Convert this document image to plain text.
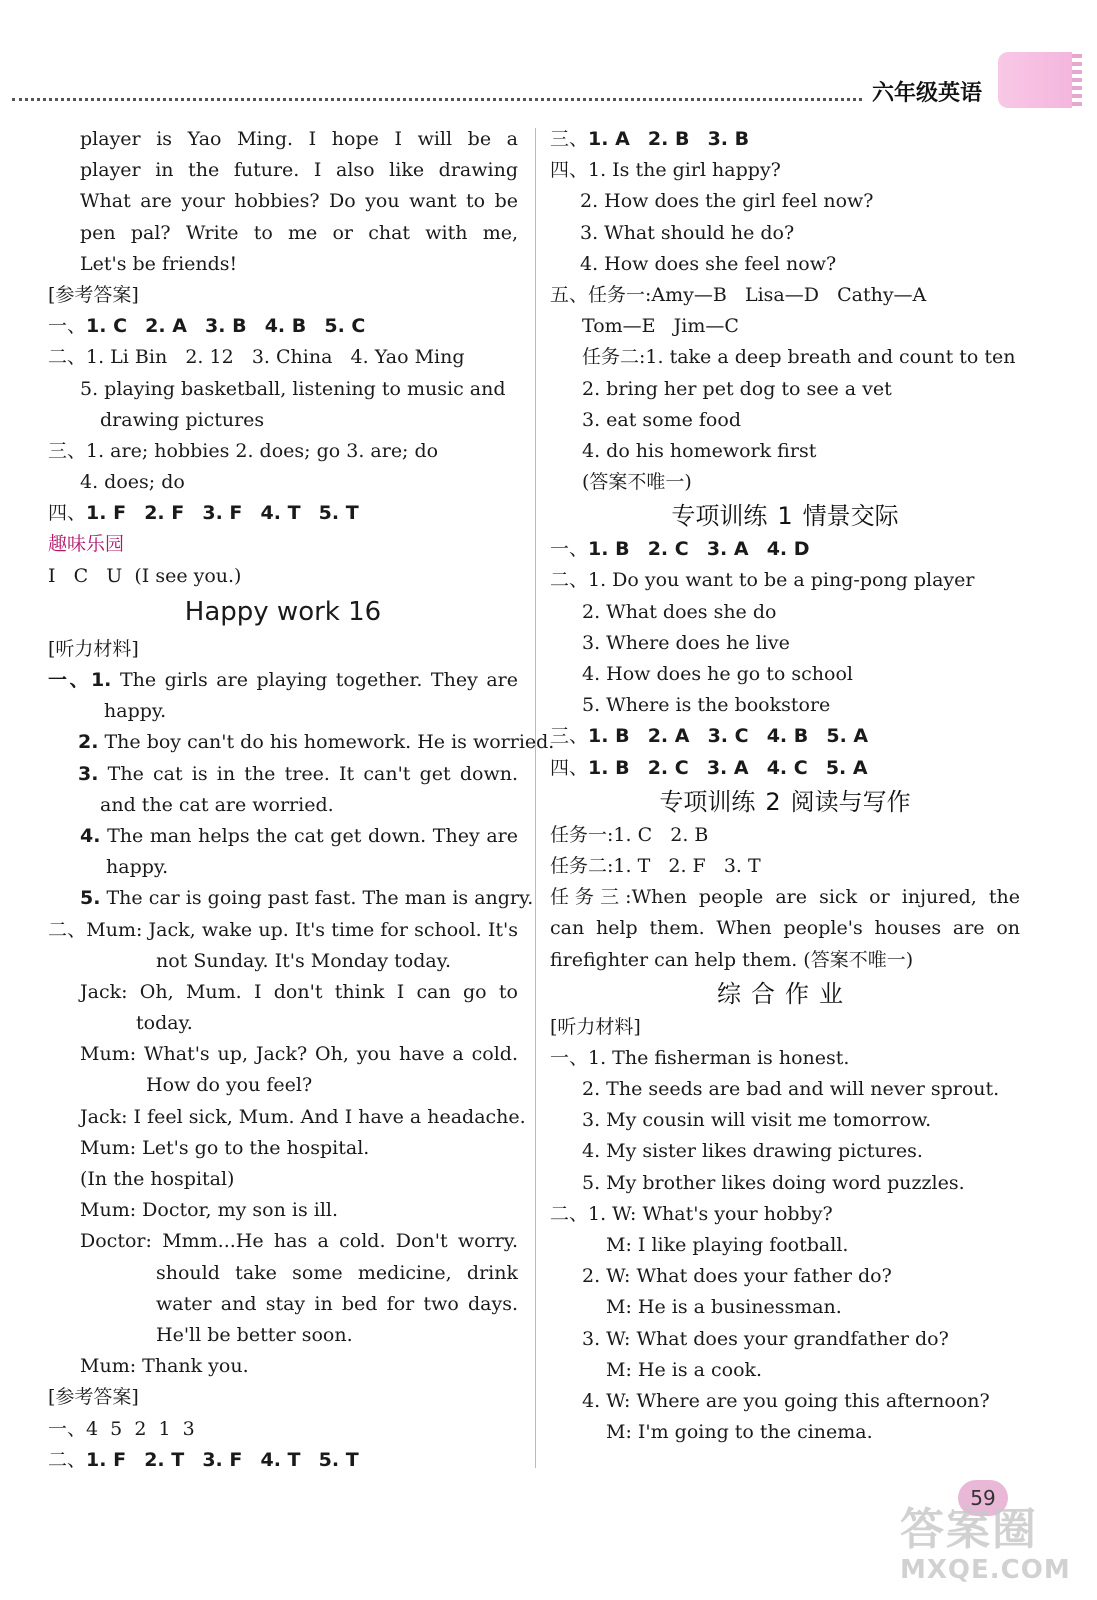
六年级英语
player is Yao Ming. I hope I will be a
player in the future. I also like drawing
What are your hobbies? Do you want to be
pen pal? Write to me or chat with me,
Let's be friends!
[参考答案]
一、1. C 2. A 3. B 4. B 5. C
二、1. Li Bin 2. 12 3. China 4. Yao Ming
5. playing basketball, listening to music and
drawing pictures
三、1. are; hobbies 2. does; go 3. are; do
4. does; do
四、1. F 2. F 3. F 4. T 5. T
趣味乐园
I   C   U  (I see you.)
Happy work 16
[听力材料]
一、1. The girls are playing together. They are
happy.
2. The boy can't do his homework. He is worried.
3. The cat is in the tree. It can't get down.
and the cat are worried.
4. The man helps the cat get down. They are
happy.
5. The car is going past fast. The man is angry.
二、Mum: Jack, wake up. It's time for school. It's
not Sunday. It's Monday today.
Jack: Oh, Mum. I don't think I can go to
today.
Mum: What's up, Jack? Oh, you have a cold.
How do you feel?
Jack: I feel sick, Mum. And I have a headache.
Mum: Let's go to the hospital.
(In the hospital)
Mum: Doctor, my son is ill.
Doctor: Mmm...He has a cold. Don't worry.
should take some medicine, drink
water and stay in bed for two days.
He'll be better soon.
Mum: Thank you.
[参考答案]
一、4  5  2  1  3
二、1. F 2. T 3. F 4. T 5. T
三、1. A 2. B 3. B
四、1. Is the girl happy?
2. How does the girl feel now?
3. What should he do?
4. How does she feel now?
五、任务一:Amy—B   Lisa—D   Cathy—A
Tom—E   Jim—C
任务二:1. take a deep breath and count to ten
2. bring her pet dog to see a vet
3. eat some food
4. do his homework first
(答案不唯一)
专项训练 1 情景交际
一、1. B 2. C 3. A 4. D
二、1. Do you want to be a ping-pong player
2. What does she do
3. Where does he live
4. How does he go to school
5. Where is the bookstore
三、1. B 2. A 3. C 4. B 5. A
四、1. B 2. C 3. A 4. C 5. A
专项训练 2 阅读与写作
任务一:1. C   2. B
任务二:1. T   2. F   3. T
任务三:When people are sick or injured, the
can help them. When people's houses are on
firefighter can help them. (答案不唯一)
综合作业
[听力材料]
一、1. The fisherman is honest.
2. The seeds are bad and will never sprout.
3. My cousin will visit me tomorrow.
4. My sister likes drawing pictures.
5. My brother likes doing word puzzles.
二、1. W: What's your hobby?
M: I like playing football.
2. W: What does your father do?
M: He is a businessman.
3. W: What does your grandfather do?
M: He is a cook.
4. W: Where are you going this afternoon?
M: I'm going to the cinema.
59
答案圈
MXQE.COM
